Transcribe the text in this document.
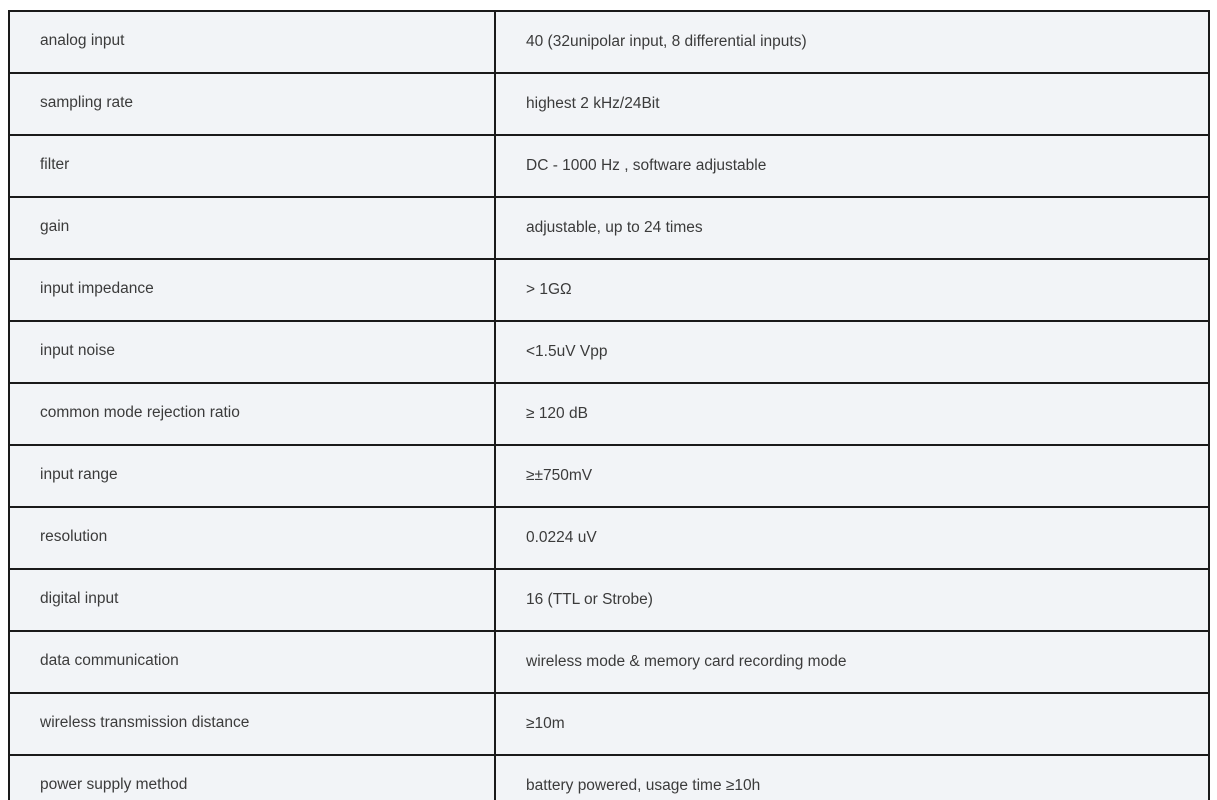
analog input	40 (32unipolar input, 8 differential inputs)
sampling rate	highest 2 kHz/24Bit
filter	DC - 1000 Hz , software adjustable
gain	adjustable, up to 24 times
input impedance	> 1GΩ
input noise	<1.5uV Vpp
common mode rejection ratio	≥ 120 dB
input range	≥±750mV
resolution	0.0224 uV
digital input	16 (TTL or Strobe)
data communication	wireless mode & memory card recording mode
wireless transmission distance	≥10m
power supply method	battery powered, usage time ≥10h
